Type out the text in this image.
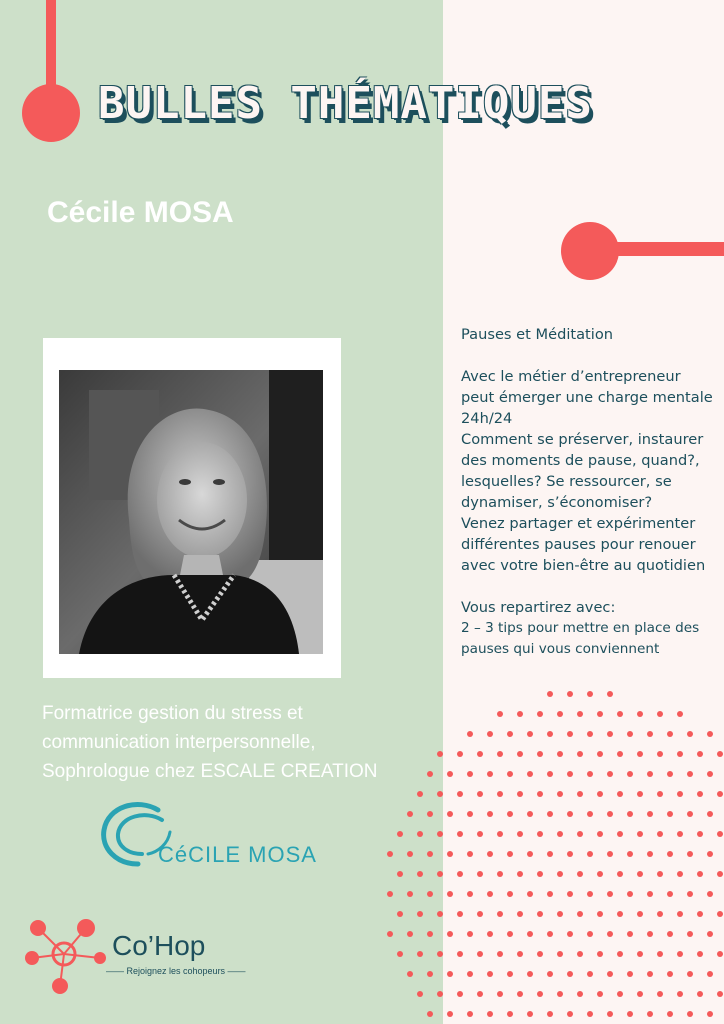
BULLES THÉMATIQUES
Cécile MOSA
Formatrice gestion du stress et
communication interpersonnelle,
Sophrologue chez ESCALE CREATION
CéCILE MOSA
Co’Hop
—— Rejoignez les cohopeurs ——
Pauses et Méditation
Avec le métier d’entrepreneur
peut émerger une charge mentale
24h/24
Comment se préserver, instaurer
des moments de pause, quand?,
lesquelles? Se ressourcer, se
dynamiser, s’économiser?
Venez partager et expérimenter
différentes pauses pour renouer
avec votre bien-être au quotidien
Vous repartirez avec:
2 – 3 tips pour mettre en place des
pauses qui vous conviennent
